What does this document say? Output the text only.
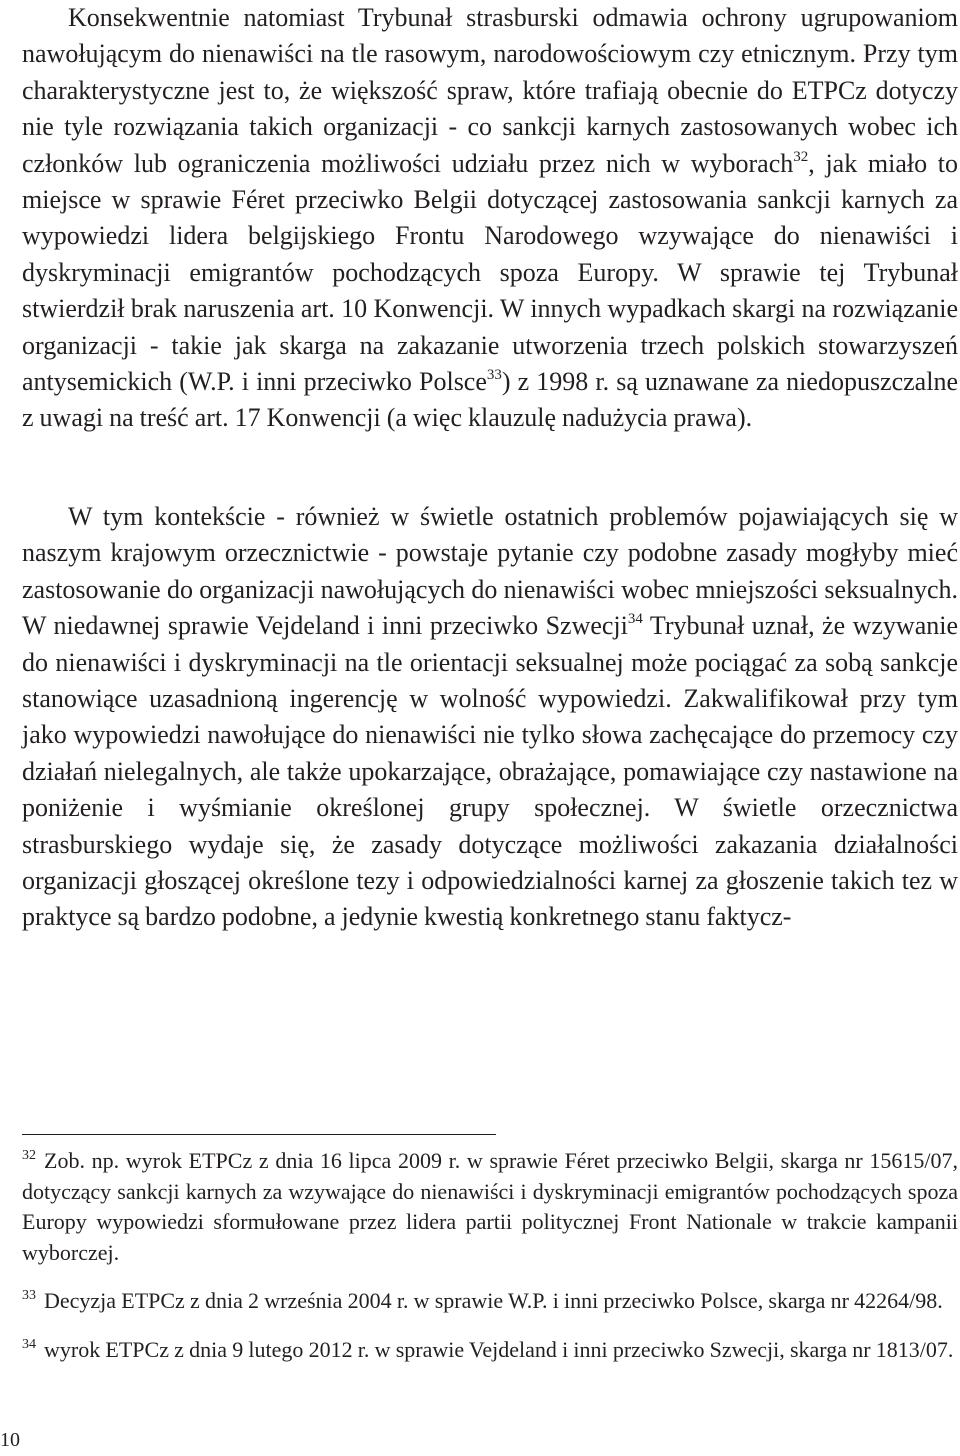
Konsekwentnie natomiast Trybunał strasburski odmawia ochrony ugrupowaniom nawołującym do nienawiści na tle rasowym, narodowościowym czy etnicznym. Przy tym charakterystyczne jest to, że większość spraw, które trafiają obecnie do ETPCz dotyczy nie tyle rozwiązania takich organizacji - co sankcji karnych zastosowanych wobec ich członków lub ograniczenia możliwości udziału przez nich w wyborach$^{32}$, jak miało to miejsce w sprawie Féret przeciwko Belgii dotyczącej zastosowania sankcji karnych za wypowiedzi lidera belgijskiego Frontu Narodowego wzywające do nienawiści i dyskryminacji emigrantów pochodzących spoza Europy. W sprawie tej Trybunał stwierdził brak naruszenia art. 10 Konwencji. W innych wypadkach skargi na rozwiązanie organizacji - takie jak skarga na zakazanie utworzenia trzech polskich stowarzyszeń antysemickich (W.P. i inni przeciwko Polsce$^{33}$) z 1998 r. są uznawane za niedopuszczalne z uwagi na treść art. 17 Konwencji (a więc klauzulę nadużycia prawa).

W tym kontekście - również w świetle ostatnich problemów pojawiających się w naszym krajowym orzecznictwie - powstaje pytanie czy podobne zasady mogłyby mieć zastosowanie do organizacji nawołujących do nienawiści wobec mniejszości seksualnych. W niedawnej sprawie Vejdeland i inni przeciwko Szwecji$^{34}$ Trybunał uznał, że wzywanie do nienawiści i dyskryminacji na tle orientacji seksualnej może pociągać za sobą sankcje stanowiące uzasadnioną ingerencję w wolność wypowiedzi. Zakwalifikował przy tym jako wypowiedzi nawołujące do nienawiści nie tylko słowa zachęcające do przemocy czy działań nielegalnych, ale także upokarzające, obrażające, pomawiające czy nastawione na poniżenie i wyśmianie określonej grupy społecznej. W świetle orzecznictwa strasburskiego wydaje się, że zasady dotyczące możliwości zakazania działalności organizacji głoszącej określone tezy i odpowiedzialności karnej za głoszenie takich tez w praktyce są bardzo podobne, a jedynie kwestią konkretnego stanu faktycz-

$^{32}$ Zob. np. wyrok ETPCz z dnia 16 lipca 2009 r. w sprawie Féret przeciwko Belgii, skarga nr 15615/07, dotyczący sankcji karnych za wzywające do nienawiści i dyskryminacji emigrantów pochodzących spoza Europy wypowiedzi sformułowane przez lidera partii politycznej Front Nationale w trakcie kampanii wyborczej.

$^{33}$ Decyzja ETPCz z dnia 2 września 2004 r. w sprawie W.P. i inni przeciwko Polsce, skarga nr 42264/98.

$^{34}$ wyrok ETPCz z dnia 9 lutego 2012 r. w sprawie Vejdeland i inni przeciwko Szwecji, skarga nr 1813/07.

10
